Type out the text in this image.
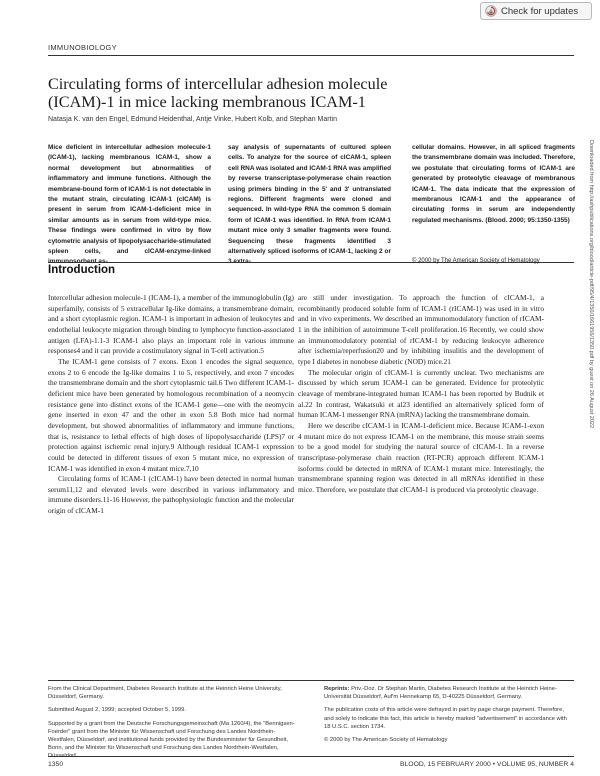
Check for updates
IMMUNOBIOLOGY
Circulating forms of intercellular adhesion molecule (ICAM)-1 in mice lacking membranous ICAM-1
Natasja K. van den Engel, Edmund Heidenthal, Antje Vinke, Hubert Kolb, and Stephan Martin
Mice deficient in intercellular adhesion molecule-1 (ICAM-1), lacking membranous ICAM-1, show a normal development but abnormalities of inflammatory and immune functions. Although the membrane-bound form of ICAM-1 is not detectable in the mutant strain, circulating ICAM-1 (cICAM) is present in serum from ICAM-1-deficient mice in similar amounts as in serum from wild-type mice. These findings were confirmed in vitro by flow cytometric analysis of lipopolysaccharide-stimulated spleen cells, and cICAM-enzyme-linked immunosorbent as-
say analysis of supernatants of cultured spleen cells. To analyze for the source of cICAM-1, spleen cell RNA was isolated and ICAM-1 RNA was amplified by reverse transcriptase-polymerase chain reaction using primers binding in the 5' and 3' untranslated regions. Different fragments were cloned and sequenced. In wild-type RNA the common 5 domain form of ICAM-1 was identified. In RNA from ICAM-1 mutant mice only 3 smaller fragments were found. Sequencing these fragments identified 3 alternatively spliced isoforms of ICAM-1, lacking 2 or 3 extra-
cellular domains. However, in all spliced fragments the transmembrane domain was included. Therefore, we postulate that circulating forms of ICAM-1 are generated by proteolytic cleavage of membranous ICAM-1. The data indicate that the expression of membranous ICAM-1 and the appearance of circulating forms in serum are independently regulated mechanisms. (Blood. 2000; 95:1350-1355)
© 2000 by The American Society of Hematology
Introduction

Intercellular adhesion molecule-1 (ICAM-1), a member of the immunoglobulin (Ig) superfamily, consists of 5 extracellular Ig-like domains, a transmembrane domain, and a short cytoplasmic region. ICAM-1 is important in adhesion of leukocytes and endothelial leukocyte migration through binding to lymphocyte function-associated antigen (LFA)-1.1-3 ICAM-1 also plays an important role in various immune responses4 and it can provide a costimulatory signal in T-cell activation.5

The ICAM-1 gene consists of 7 exons. Exon 1 encodes the signal sequence, exons 2 to 6 encode the Ig-like domains 1 to 5, respectively, and exon 7 encodes the transmembrane domain and the short cytoplasmic tail.6 Two different ICAM-1-deficient mice have been generated by homologous recombination of a neomycin resistance gene into distinct exons of the ICAM-1 gene—one with the neomycin gene inserted in exon 47 and the other in exon 5.8 Both mice had normal development, but showed abnormalities of inflammatory and immune functions, that is, resistance to lethal effects of high doses of lipopolysaccharide (LPS)7 or protection against ischemic renal injury.9 Although residual ICAM-1 expression could be detected in different tissues of exon 5 mutant mice, no expression of ICAM-1 was identified in exon 4 mutant mice.7,10

Circulating forms of ICAM-1 (cICAM-1) have been detected in normal human serum11,12 and elevated levels were described in various inflammatory and immune disorders.11-16 However, the pathophysiologic function and the molecular origin of cICAM-1

are still under investigation. To approach the function of cICAM-1, a recombinantly produced soluble form of ICAM-1 (rICAM-1) was used in in vitro and in vivo experiments. We described an immunomodulatory function of rICAM-1 in the inhibition of autoimmune T-cell proliferation.16 Recently, we could show an immunomodulatory potential of rICAM-1 by reducing leukocyte adherence after ischemia/reperfusion20 and by inhibiting insulitis and the development of type I diabetes in nonobese diabetic (NOD) mice.21

The molecular origin of cICAM-1 is currently unclear. Two mechanisms are discussed by which serum ICAM-1 can be generated. Evidence for proteolytic cleavage of membrane-integrated human ICAM-1 has been reported by Budnik et al.22 In contrast, Wakatsuki et al23 identified an alternatively spliced form of human ICAM-1 messenger RNA (mRNA) lacking the transmembrane domain.

Here we describe cICAM-1 in ICAM-1-deficient mice. Because ICAM-1-exon 4 mutant mice do not express ICAM-1 on the membrane, this mouse strain seems to be a good model for studying the natural source of cICAM-1. In a reverse transcriptase-polymerase chain reaction (RT-PCR) approach different ICAM-1 isoforms could be detected in mRNA of ICAM-1 mutant mice. Interestingly, the transmembrane spanning region was detected in all mRNAs identified in these mice. Therefore, we postulate that cICAM-1 is produced via proteolytic cleavage.

From the Clinical Department, Diabetes Research Institute at the Heinrich Heine University, Düsseldorf, Germany.

Submitted August 2, 1999; accepted October 5, 1999.

Supported by a grant from the Deutsche Forschungsgemeinschaft (Ma 1260/4), the "Bennigsen-Foerder" grant from the Minister für Wissenschaft und Forschung des Landes Nordrhein-Westfalen, Düsseldorf, and institutional funds provided by the Bundesminister für Gesundheit, Bonn, and the Minister für Wissenschaft und Forschung des Landes Nordrhein-Westfalen, Düsseldorf.

Reprints: Priv.-Doz. Dr Stephan Martin, Diabetes Research Institute at the Heinrich Heine-Universität Düsseldorf, Auf'm Hennekamp 65, D-40225 Düsseldorf, Germany.

The publication costs of this article were defrayed in part by page charge payment. Therefore, and solely to indicate this fact, this article is hereby marked "advertisement" in accordance with 18 U.S.C. section 1734.

© 2000 by The American Society of Hematology

Downloaded from http://ashpublications.org/blood/article-pdf/95/4/1350/1661956/1350.pdf by guest on 26 August 2022
1350	BLOOD, 15 FEBRUARY 2000 • VOLUME 95, NUMBER 4
